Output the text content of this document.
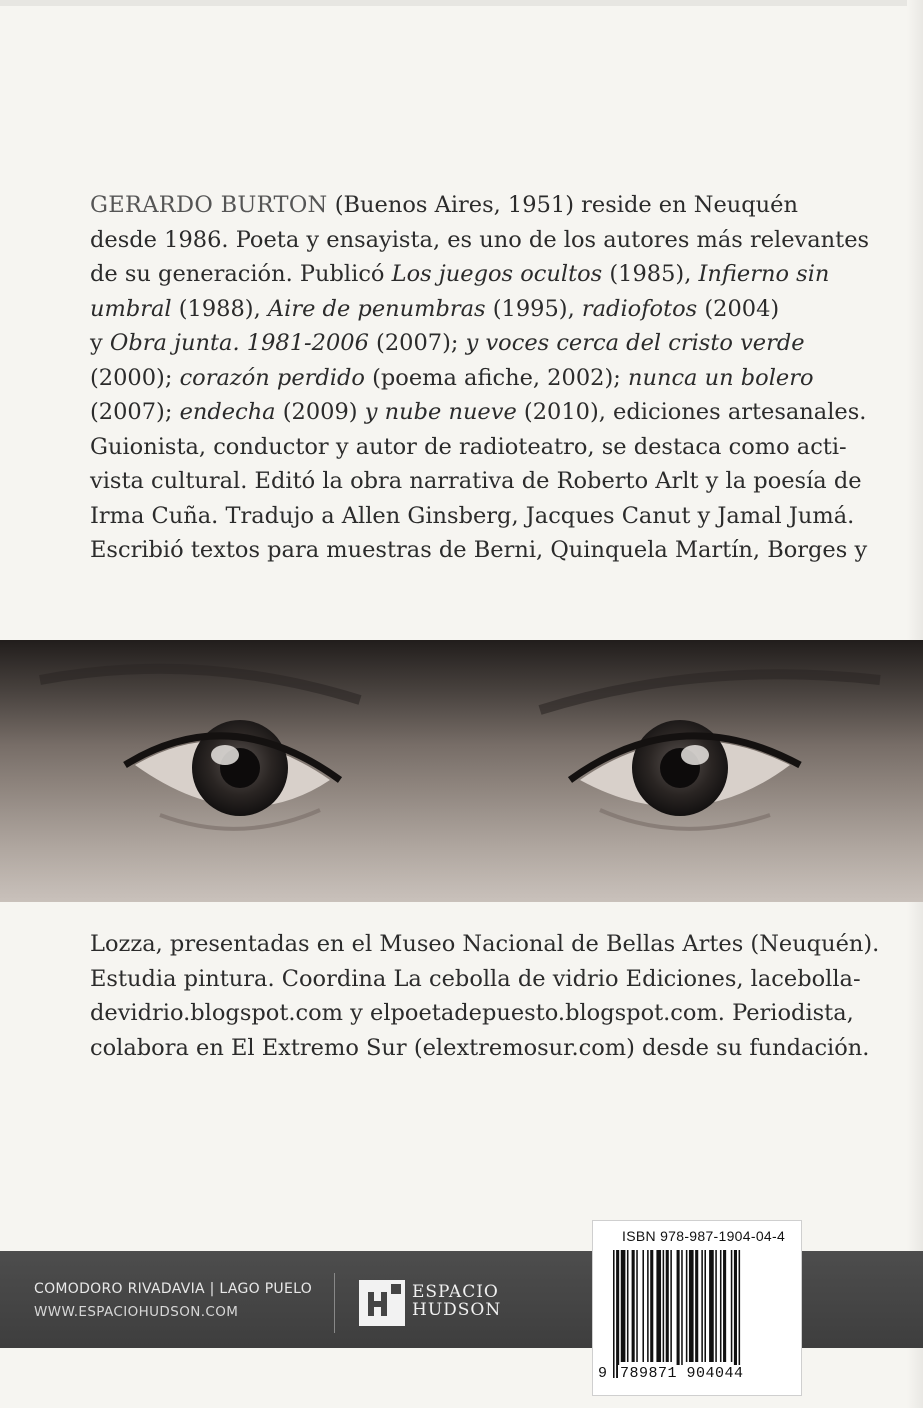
GERARDO BURTON (Buenos Aires, 1951) reside en Neuquén
desde 1986. Poeta y ensayista, es uno de los autores más relevantes
de su generación. Publicó Los juegos ocultos (1985), Infierno sin
umbral (1988), Aire de penumbras (1995), radiofotos (2004)
y Obra junta. 1981-2006 (2007); y voces cerca del cristo verde
(2000); corazón perdido (poema afiche, 2002); nunca un bolero
(2007); endecha (2009) y nube nueve (2010), ediciones artesanales.
Guionista, conductor y autor de radioteatro, se destaca como acti-
vista cultural. Editó la obra narrativa de Roberto Arlt y la poesía de
Irma Cuña. Tradujo a Allen Ginsberg, Jacques Canut y Jamal Jumá.
Escribió textos para muestras de Berni, Quinquela Martín, Borges y
Lozza, presentadas en el Museo Nacional de Bellas Artes (Neuquén).
Estudia pintura. Coordina La cebolla de vidrio Ediciones, lacebolla-
devidrio.blogspot.com y elpoetadepuesto.blogspot.com. Periodista,
colabora en El Extremo Sur (elextremosur.com) desde su fundación.
COMODORO RIVADAVIA | LAGO PUELO
WWW.ESPACIOHUDSON.COM
ESPACIO
HUDSON
ISBN 978-987-1904-04-4
9 789871 904044
